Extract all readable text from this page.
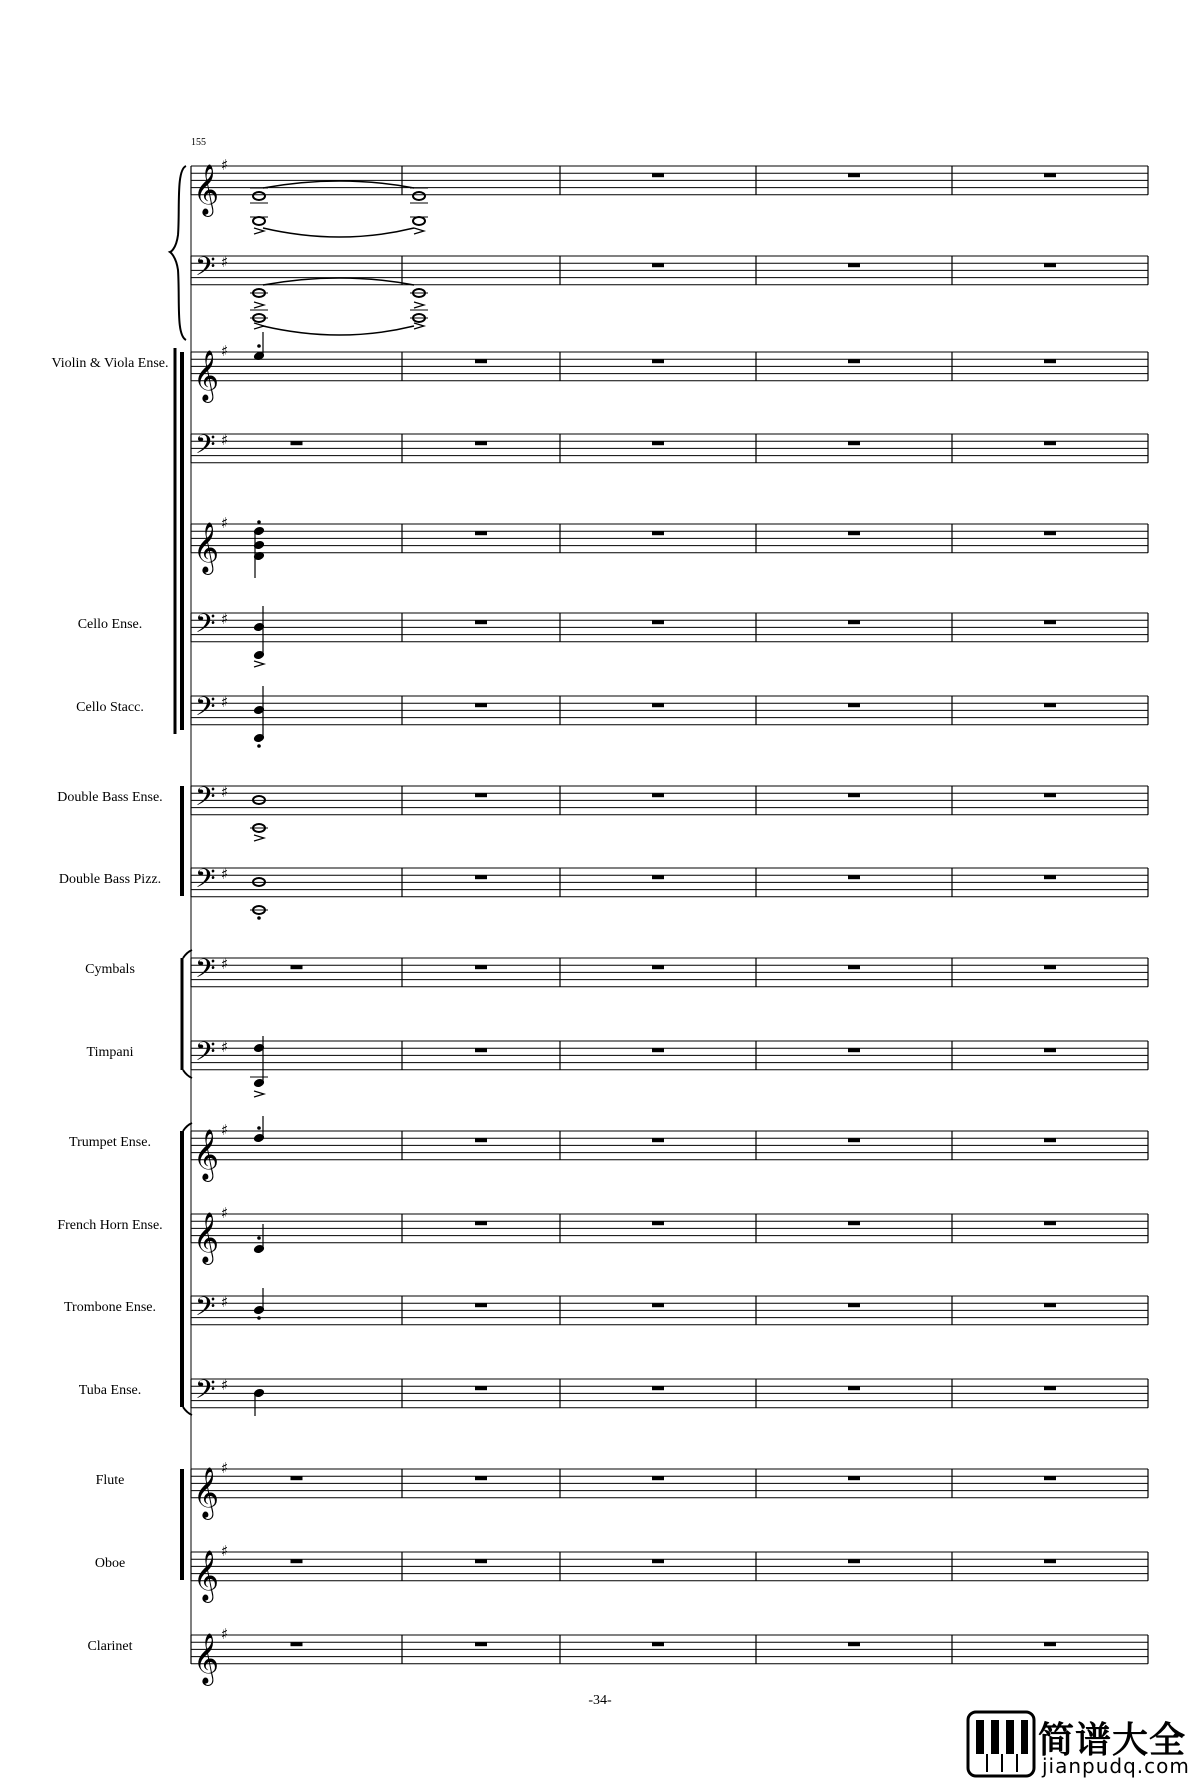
𝄞 ♯
𝄢 ♯
𝄞 ♯
𝄢 ♯
𝄞 ♯
𝄢 ♯
𝄢 ♯
𝄢 ♯
𝄢 ♯
𝄢 ♯
𝄢 ♯
𝄞 ♯
𝄞 ♯
𝄢 ♯
𝄢 ♯
𝄞 ♯
𝄞 ♯
𝄞 ♯
155
Violin & Viola Ense.
Cello Ense.
Cello Stacc.
Double Bass Ense.
Double Bass Pizz.
Cymbals
Timpani
Trumpet Ense.
French Horn Ense.
Trombone Ense.
Tuba Ense.
Flute
Oboe
Clarinet
-34-
简谱大全
jianpudq.com
